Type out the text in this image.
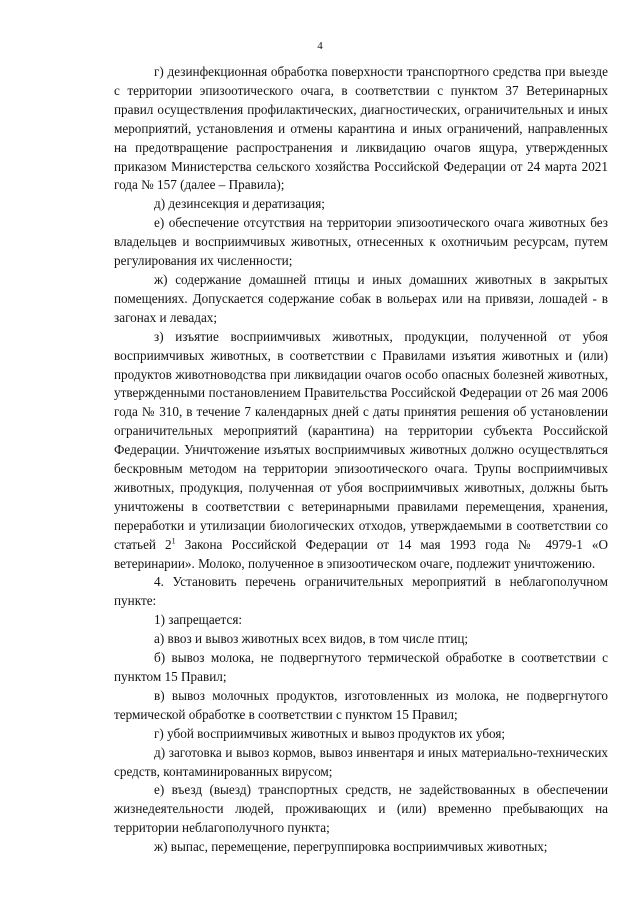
4

г) дезинфекционная обработка поверхности транспортного средства при выезде с территории эпизоотического очага, в соответствии с пунктом 37 Ветеринарных правил осуществления профилактических, диагностических, ограничительных и иных мероприятий, установления и отмены карантина и иных ограничений, направленных на предотвращение распространения и ликвидацию очагов ящура, утвержденных приказом Министерства сельского хозяйства Российской Федерации от 24 марта 2021 года № 157 (далее – Правила);

д) дезинсекция и дератизация;

е) обеспечение отсутствия на территории эпизоотического очага животных без владельцев и восприимчивых животных, отнесенных к охотничьим ресурсам, путем регулирования их численности;

ж) содержание домашней птицы и иных домашних животных в закрытых помещениях. Допускается содержание собак в вольерах или на привязи, лошадей - в загонах и левадах;

з) изъятие восприимчивых животных, продукции, полученной от убоя восприимчивых животных, в соответствии с Правилами изъятия животных и (или) продуктов животноводства при ликвидации очагов особо опасных болезней животных, утвержденными постановлением Правительства Российской Федерации от 26 мая 2006 года № 310, в течение 7 календарных дней с даты принятия решения об установлении ограничительных мероприятий (карантина) на территории субъекта Российской Федерации. Уничтожение изъятых восприимчивых животных должно осуществляться бескровным методом на территории эпизоотического очага. Трупы восприимчивых животных, продукция, полученная от убоя восприимчивых животных, должны быть уничтожены в соответствии с ветеринарными правилами перемещения, хранения, переработки и утилизации биологических отходов, утверждаемыми в соответствии со статьей $2^1$ Закона Российской Федерации от 14 мая 1993 года № 4979-1 «О ветеринарии». Молоко, полученное в эпизоотическом очаге, подлежит уничтожению.

4. Установить перечень ограничительных мероприятий в неблагополучном пункте:

1) запрещается:

а) ввоз и вывоз животных всех видов, в том числе птиц;

б) вывоз молока, не подвергнутого термической обработке в соответствии с пунктом 15 Правил;

в) вывоз молочных продуктов, изготовленных из молока, не подвергнутого термической обработке в соответствии с пунктом 15 Правил;

г) убой восприимчивых животных и вывоз продуктов их убоя;

д) заготовка и вывоз кормов, вывоз инвентаря и иных материально-технических средств, контаминированных вирусом;

е) въезд (выезд) транспортных средств, не задействованных в обеспечении жизнедеятельности людей, проживающих и (или) временно пребывающих на территории неблагополучного пункта;

ж) выпас, перемещение, перегруппировка восприимчивых животных;
